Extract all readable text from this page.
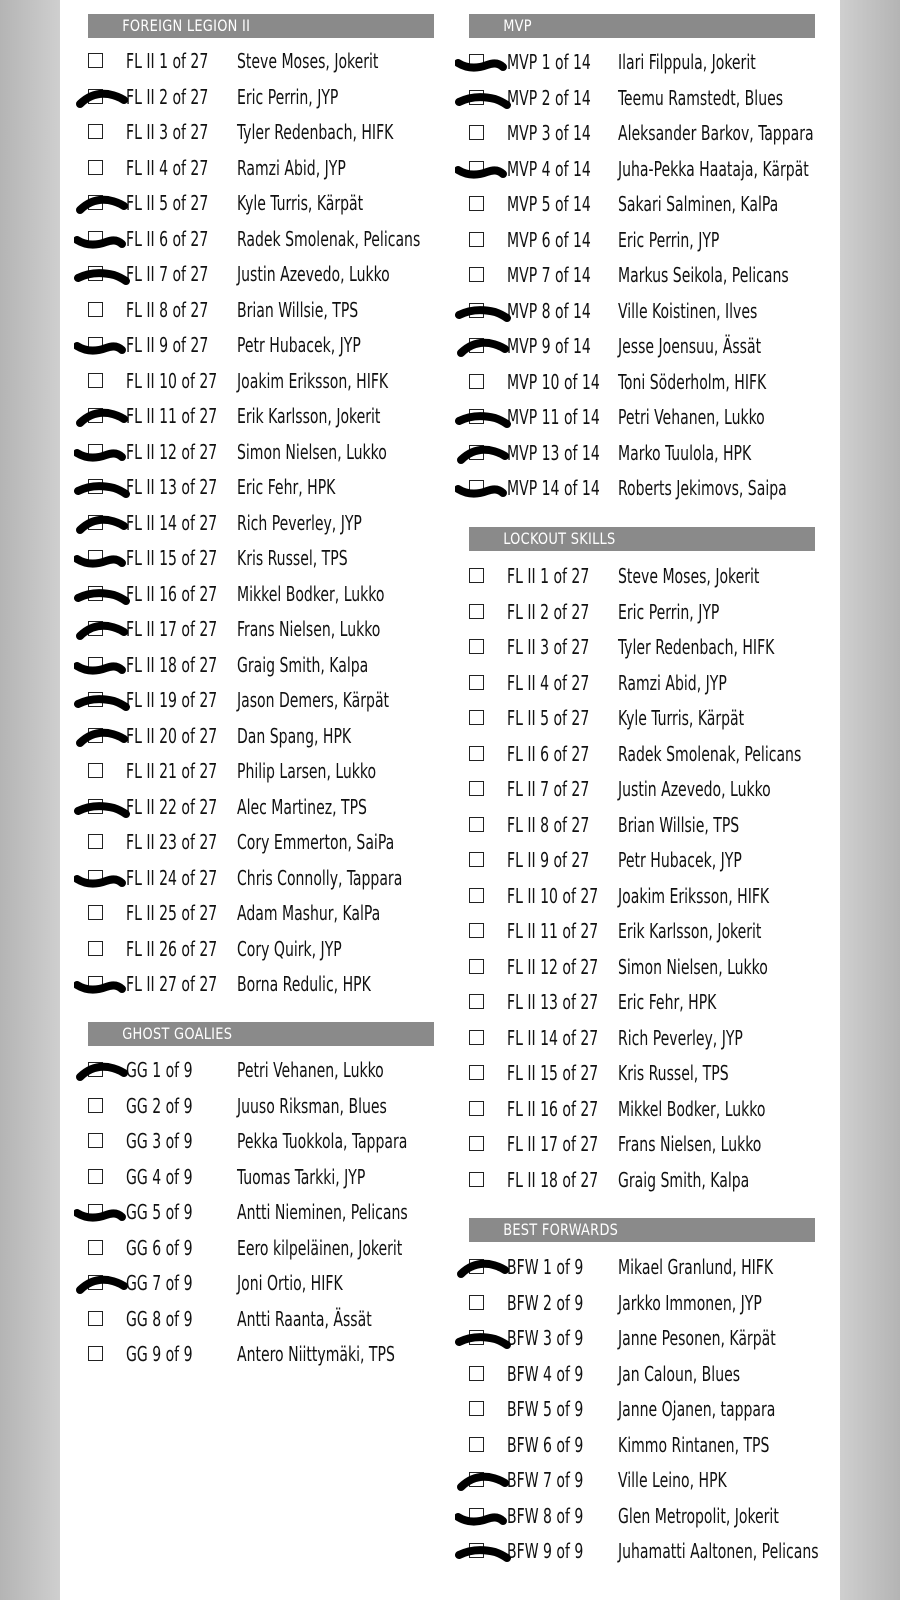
FOREIGN LEGION II
FL II 1 of 27 Steve Moses, Jokerit
FL II 2 of 27 Eric Perrin, JYP
FL II 3 of 27 Tyler Redenbach, HIFK
FL II 4 of 27 Ramzi Abid, JYP
FL II 5 of 27 Kyle Turris, Kärpät
FL II 6 of 27 Radek Smolenak, Pelicans
FL II 7 of 27 Justin Azevedo, Lukko
FL II 8 of 27 Brian Willsie, TPS
FL II 9 of 27 Petr Hubacek, JYP
FL II 10 of 27 Joakim Eriksson, HIFK
FL II 11 of 27 Erik Karlsson, Jokerit
FL II 12 of 27 Simon Nielsen, Lukko
FL II 13 of 27 Eric Fehr, HPK
FL II 14 of 27 Rich Peverley, JYP
FL II 15 of 27 Kris Russel, TPS
FL II 16 of 27 Mikkel Bodker, Lukko
FL II 17 of 27 Frans Nielsen, Lukko
FL II 18 of 27 Graig Smith, Kalpa
FL II 19 of 27 Jason Demers, Kärpät
FL II 20 of 27 Dan Spang, HPK
FL II 21 of 27 Philip Larsen, Lukko
FL II 22 of 27 Alec Martinez, TPS
FL II 23 of 27 Cory Emmerton, SaiPa
FL II 24 of 27 Chris Connolly, Tappara
FL II 25 of 27 Adam Mashur, KalPa
FL II 26 of 27 Cory Quirk, JYP
FL II 27 of 27 Borna Redulic, HPK
GHOST GOALIES
GG 1 of 9 Petri Vehanen, Lukko
GG 2 of 9 Juuso Riksman, Blues
GG 3 of 9 Pekka Tuokkola, Tappara
GG 4 of 9 Tuomas Tarkki, JYP
GG 5 of 9 Antti Nieminen, Pelicans
GG 6 of 9 Eero kilpeläinen, Jokerit
GG 7 of 9 Joni Ortio, HIFK
GG 8 of 9 Antti Raanta, Ässät
GG 9 of 9 Antero Niittymäki, TPS
MVP
MVP 1 of 14 Ilari Filppula, Jokerit
MVP 2 of 14 Teemu Ramstedt, Blues
MVP 3 of 14 Aleksander Barkov, Tappara
MVP 4 of 14 Juha-Pekka Haataja, Kärpät
MVP 5 of 14 Sakari Salminen, KalPa
MVP 6 of 14 Eric Perrin, JYP
MVP 7 of 14 Markus Seikola, Pelicans
MVP 8 of 14 Ville Koistinen, Ilves
MVP 9 of 14 Jesse Joensuu, Ässät
MVP 10 of 14 Toni Söderholm, HIFK
MVP 11 of 14 Petri Vehanen, Lukko
MVP 13 of 14 Marko Tuulola, HPK
MVP 14 of 14 Roberts Jekimovs, Saipa
LOCKOUT SKILLS
FL II 1 of 27 Steve Moses, Jokerit
FL II 2 of 27 Eric Perrin, JYP
FL II 3 of 27 Tyler Redenbach, HIFK
FL II 4 of 27 Ramzi Abid, JYP
FL II 5 of 27 Kyle Turris, Kärpät
FL II 6 of 27 Radek Smolenak, Pelicans
FL II 7 of 27 Justin Azevedo, Lukko
FL II 8 of 27 Brian Willsie, TPS
FL II 9 of 27 Petr Hubacek, JYP
FL II 10 of 27 Joakim Eriksson, HIFK
FL II 11 of 27 Erik Karlsson, Jokerit
FL II 12 of 27 Simon Nielsen, Lukko
FL II 13 of 27 Eric Fehr, HPK
FL II 14 of 27 Rich Peverley, JYP
FL II 15 of 27 Kris Russel, TPS
FL II 16 of 27 Mikkel Bodker, Lukko
FL II 17 of 27 Frans Nielsen, Lukko
FL II 18 of 27 Graig Smith, Kalpa
BEST FORWARDS
BFW 1 of 9 Mikael Granlund, HIFK
BFW 2 of 9 Jarkko Immonen, JYP
BFW 3 of 9 Janne Pesonen, Kärpät
BFW 4 of 9 Jan Caloun, Blues
BFW 5 of 9 Janne Ojanen, tappara
BFW 6 of 9 Kimmo Rintanen, TPS
BFW 7 of 9 Ville Leino, HPK
BFW 8 of 9 Glen Metropolit, Jokerit
BFW 9 of 9 Juhamatti Aaltonen, Pelicans
